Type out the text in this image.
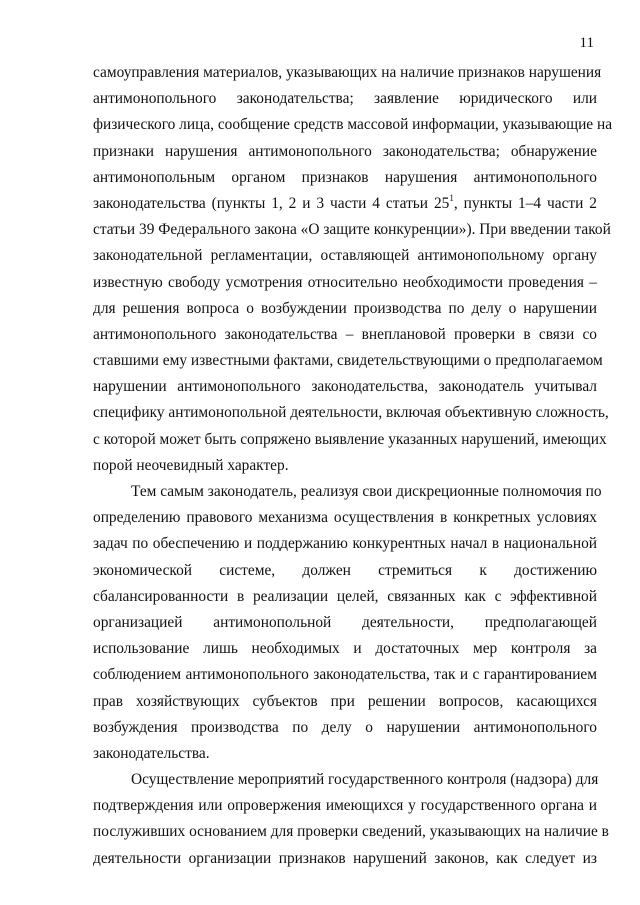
11
самоуправления материалов, указывающих на наличие признаков нарушения
антимонопольного законодательства; заявление юридического или
физического лица, сообщение средств массовой информации, указывающие на
признаки нарушения антимонопольного законодательства; обнаружение
антимонопольным органом признаков нарушения антимонопольного
законодательства (пункты 1, 2 и 3 части 4 статьи $25^1$, пункты 1–4 части 2
статьи 39 Федерального закона «О защите конкуренции»). При введении такой
законодательной регламентации, оставляющей антимонопольному органу
известную свободу усмотрения относительно необходимости проведения –
для решения вопроса о возбуждении производства по делу о нарушении
антимонопольного законодательства – внеплановой проверки в связи со
ставшими ему известными фактами, свидетельствующими о предполагаемом
нарушении антимонопольного законодательства, законодатель учитывал
специфику антимонопольной деятельности, включая объективную сложность,
с которой может быть сопряжено выявление указанных нарушений, имеющих
порой неочевидный характер.
Тем самым законодатель, реализуя свои дискреционные полномочия по
определению правового механизма осуществления в конкретных условиях
задач по обеспечению и поддержанию конкурентных начал в национальной
экономической системе, должен стремиться к достижению
сбалансированности в реализации целей, связанных как с эффективной
организацией антимонопольной деятельности, предполагающей
использование лишь необходимых и достаточных мер контроля за
соблюдением антимонопольного законодательства, так и с гарантированием
прав хозяйствующих субъектов при решении вопросов, касающихся
возбуждения производства по делу о нарушении антимонопольного
законодательства.
Осуществление мероприятий государственного контроля (надзора) для
подтверждения или опровержения имеющихся у государственного органа и
послуживших основанием для проверки сведений, указывающих на наличие в
деятельности организации признаков нарушений законов, как следует из
